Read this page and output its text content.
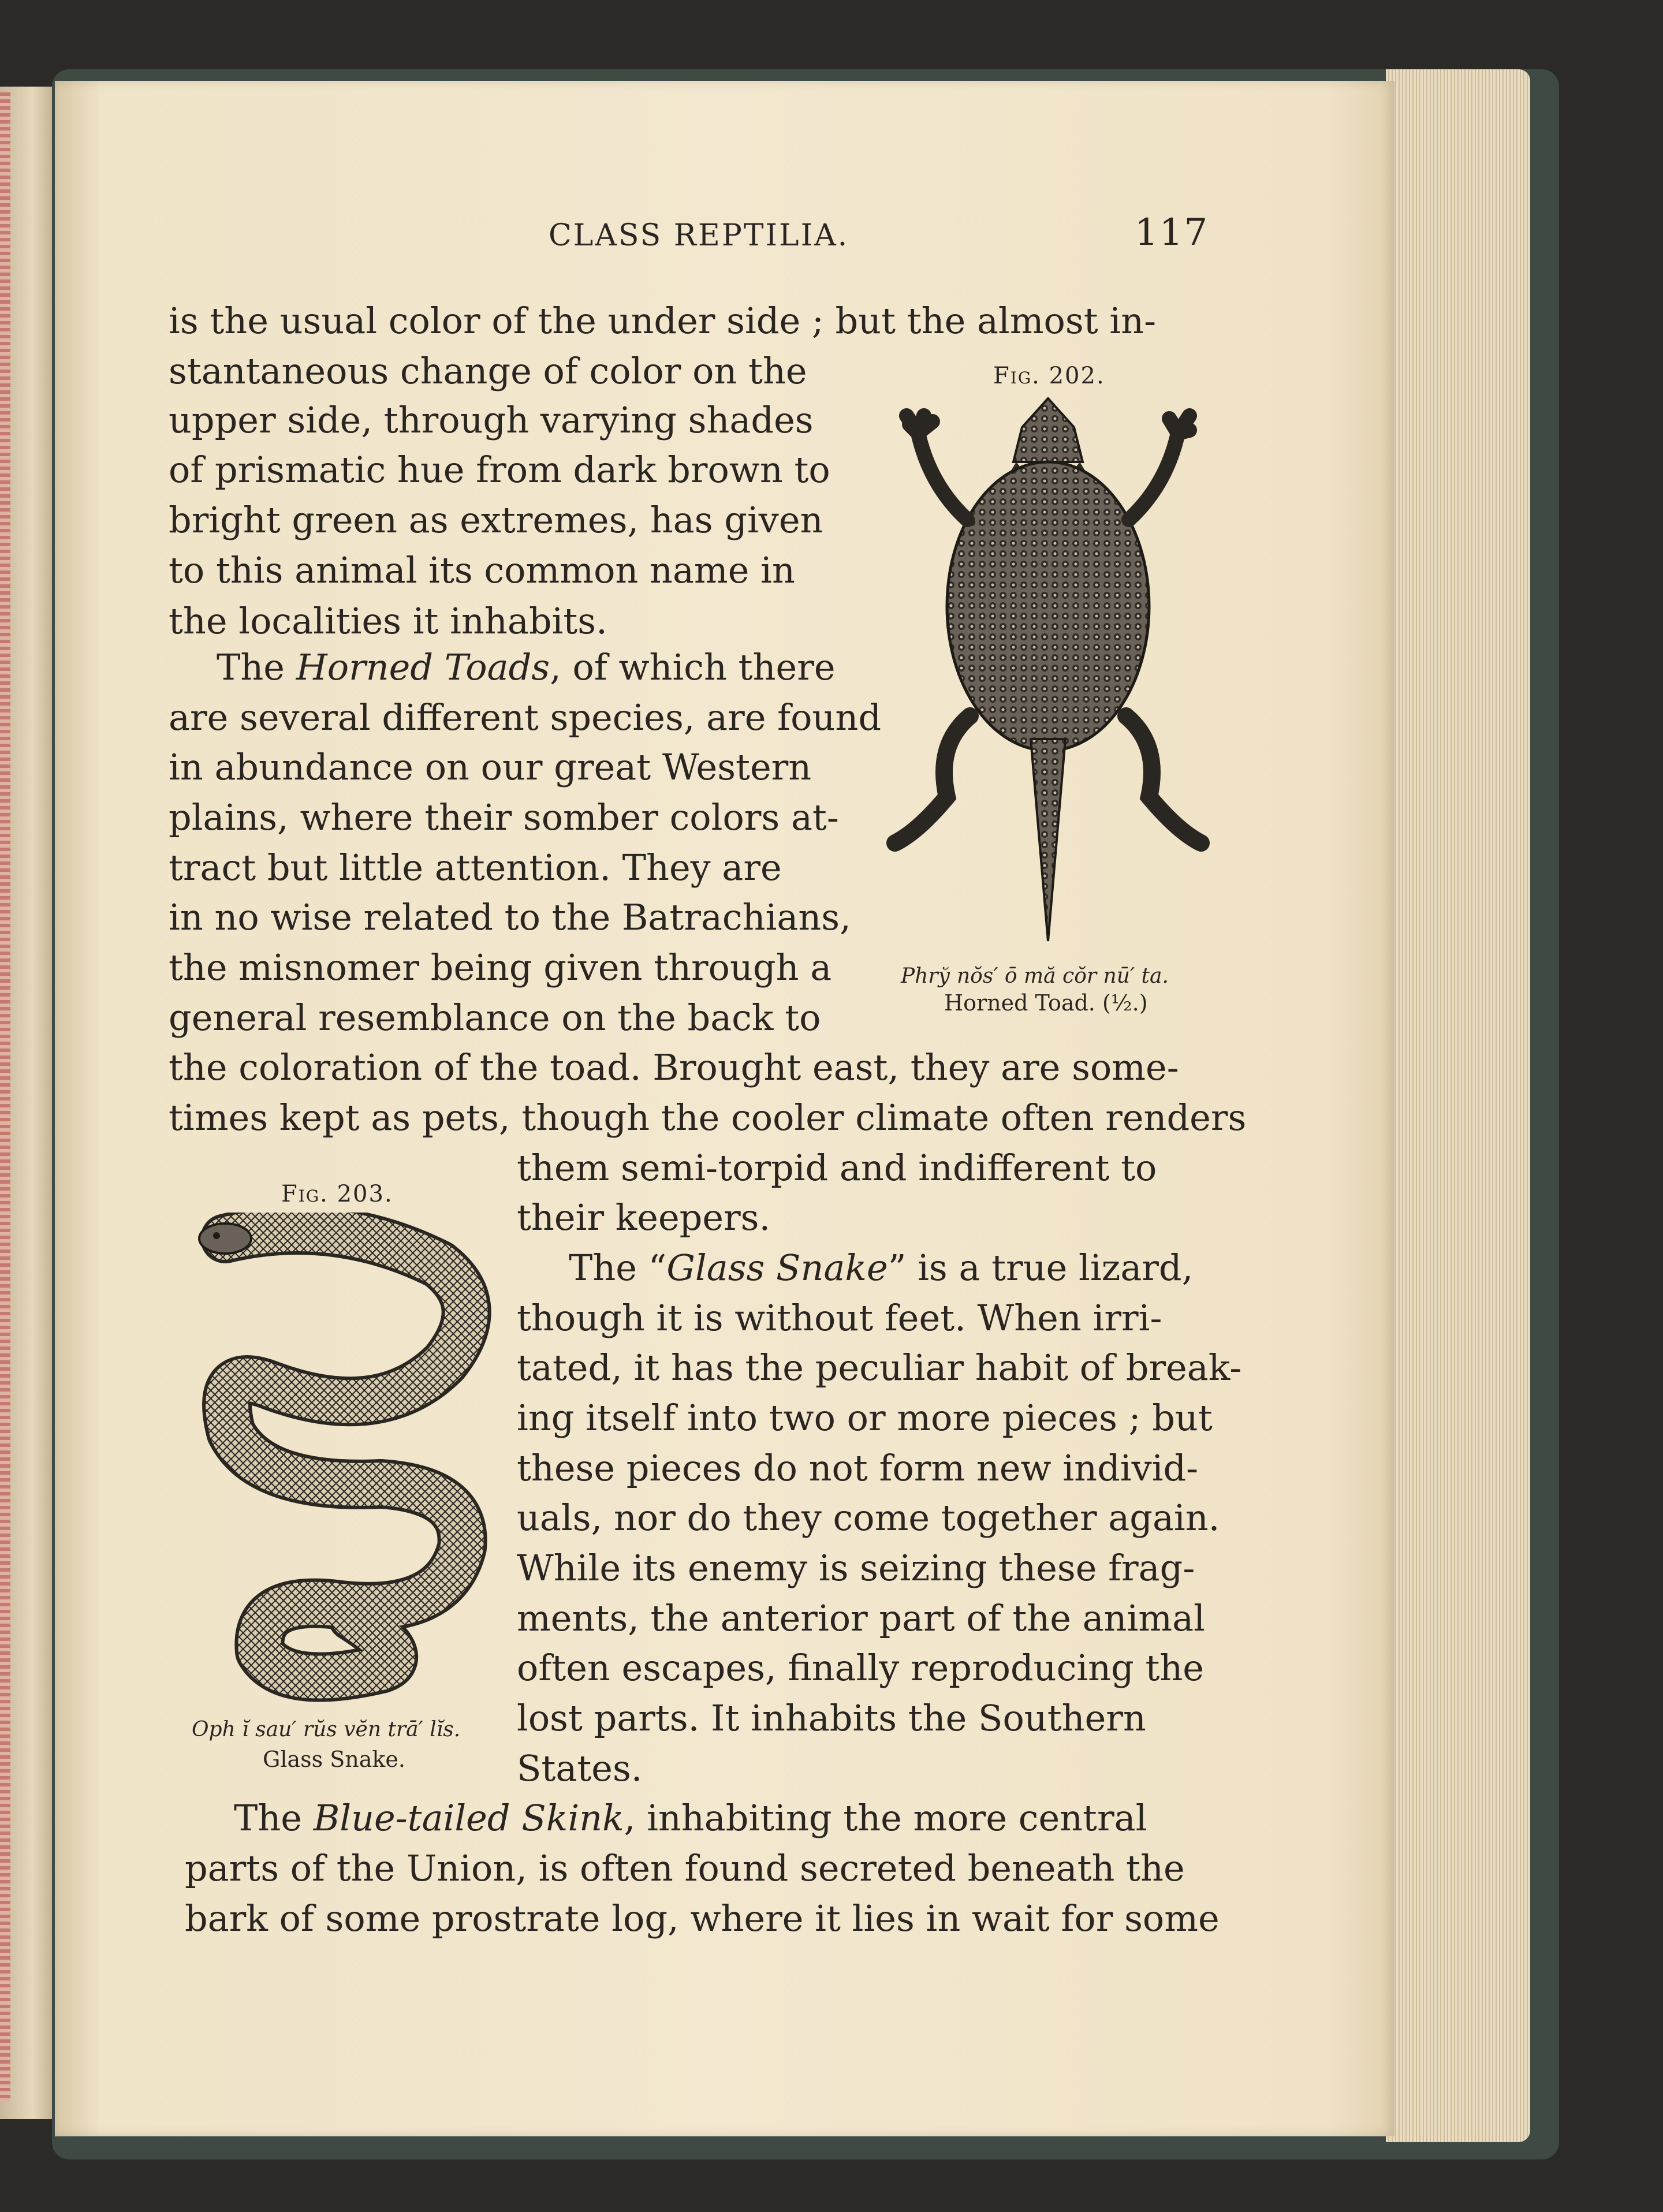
CLASS REPTILIA.	117
is the usual color of the under side ; but the almost in-
stantaneous change of color on the
upper side, through varying shades
of prismatic hue from dark brown to
bright green as extremes, has given
to this animal its common name in
the localities it inhabits.
The Horned Toads, of which there
are several different species, are found
in abundance on our great Western
plains, where their somber colors at-
tract but little attention. They are
in no wise related to the Batrachians,
the misnomer being given through a
general resemblance on the back to
the coloration of the toad. Brought east, they are some-
times kept as pets, though the cooler climate often renders
them semi-torpid and indifferent to
their keepers.
The “Glass Snake” is a true lizard,
though it is without feet. When irri-
tated, it has the peculiar habit of break-
ing itself into two or more pieces ; but
these pieces do not form new individ-
uals, nor do they come together again.
While its enemy is seizing these frag-
ments, the anterior part of the animal
often escapes, finally reproducing the
lost parts. It inhabits the Southern
States.
The Blue-tailed Skink, inhabiting the more central
parts of the Union, is often found secreted beneath the
bark of some prostrate log, where it lies in wait for some
Fig. 202.
Phrў nŏs′ ō mă cŏr nū′ ta.
Horned Toad. (½.)
Fig. 203.
Oph ĭ sau′ rŭs vĕn trā′ lĭs.
Glass Snake.
